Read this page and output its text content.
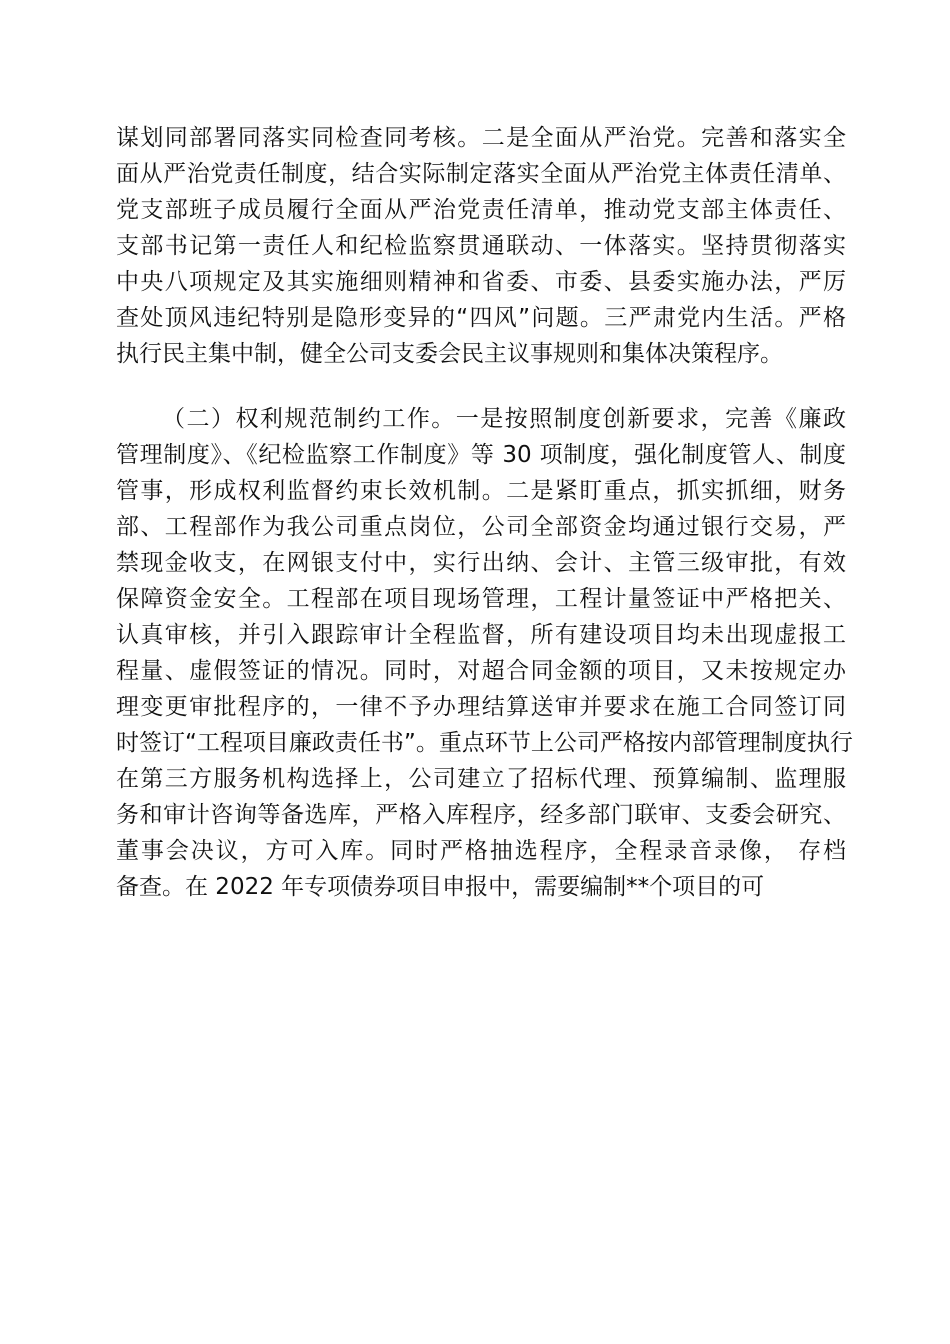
谋划同部署同落实同检查同考核。二是全面从严治党。完善和落实全
面从严治党责任制度，结合实际制定落实全面从严治党主体责任清单、
党支部班子成员履行全面从严治党责任清单，推动党支部主体责任、
支部书记第一责任人和纪检监察贯通联动、一体落实。坚持贯彻落实
中央八项规定及其实施细则精神和省委、市委、县委实施办法，严厉
查处顶风违纪特别是隐形变异的“四风”问题。三严肃党内生活。严格
执行民主集中制，健全公司支委会民主议事规则和集体决策程序。
（二）权利规范制约工作。一是按照制度创新要求，完善《廉政
管理制度》、《纪检监察工作制度》等 30 项制度，强化制度管人、制度
管事，形成权利监督约束长效机制。二是紧盯重点，抓实抓细，财务
部、工程部作为我公司重点岗位，公司全部资金均通过银行交易，严
禁现金收支，在网银支付中，实行出纳、会计、主管三级审批，有效
保障资金安全。工程部在项目现场管理，工程计量签证中严格把关、
认真审核，并引入跟踪审计全程监督，所有建设项目均未出现虚报工
程量、虚假签证的情况。同时，对超合同金额的项目，又未按规定办
理变更审批程序的，一律不予办理结算送审并要求在施工合同签订同
时签订“工程项目廉政责任书”。重点环节上公司严格按内部管理制度执行
在第三方服务机构选择上，公司建立了招标代理、预算编制、监理服
务和审计咨询等备选库，严格入库程序，经多部门联审、支委会研究、
董事会决议，方可入库。同时严格抽选程序，全程录音录像， 存档
备查。在 2022 年专项债券项目申报中，需要编制**个项目的可
